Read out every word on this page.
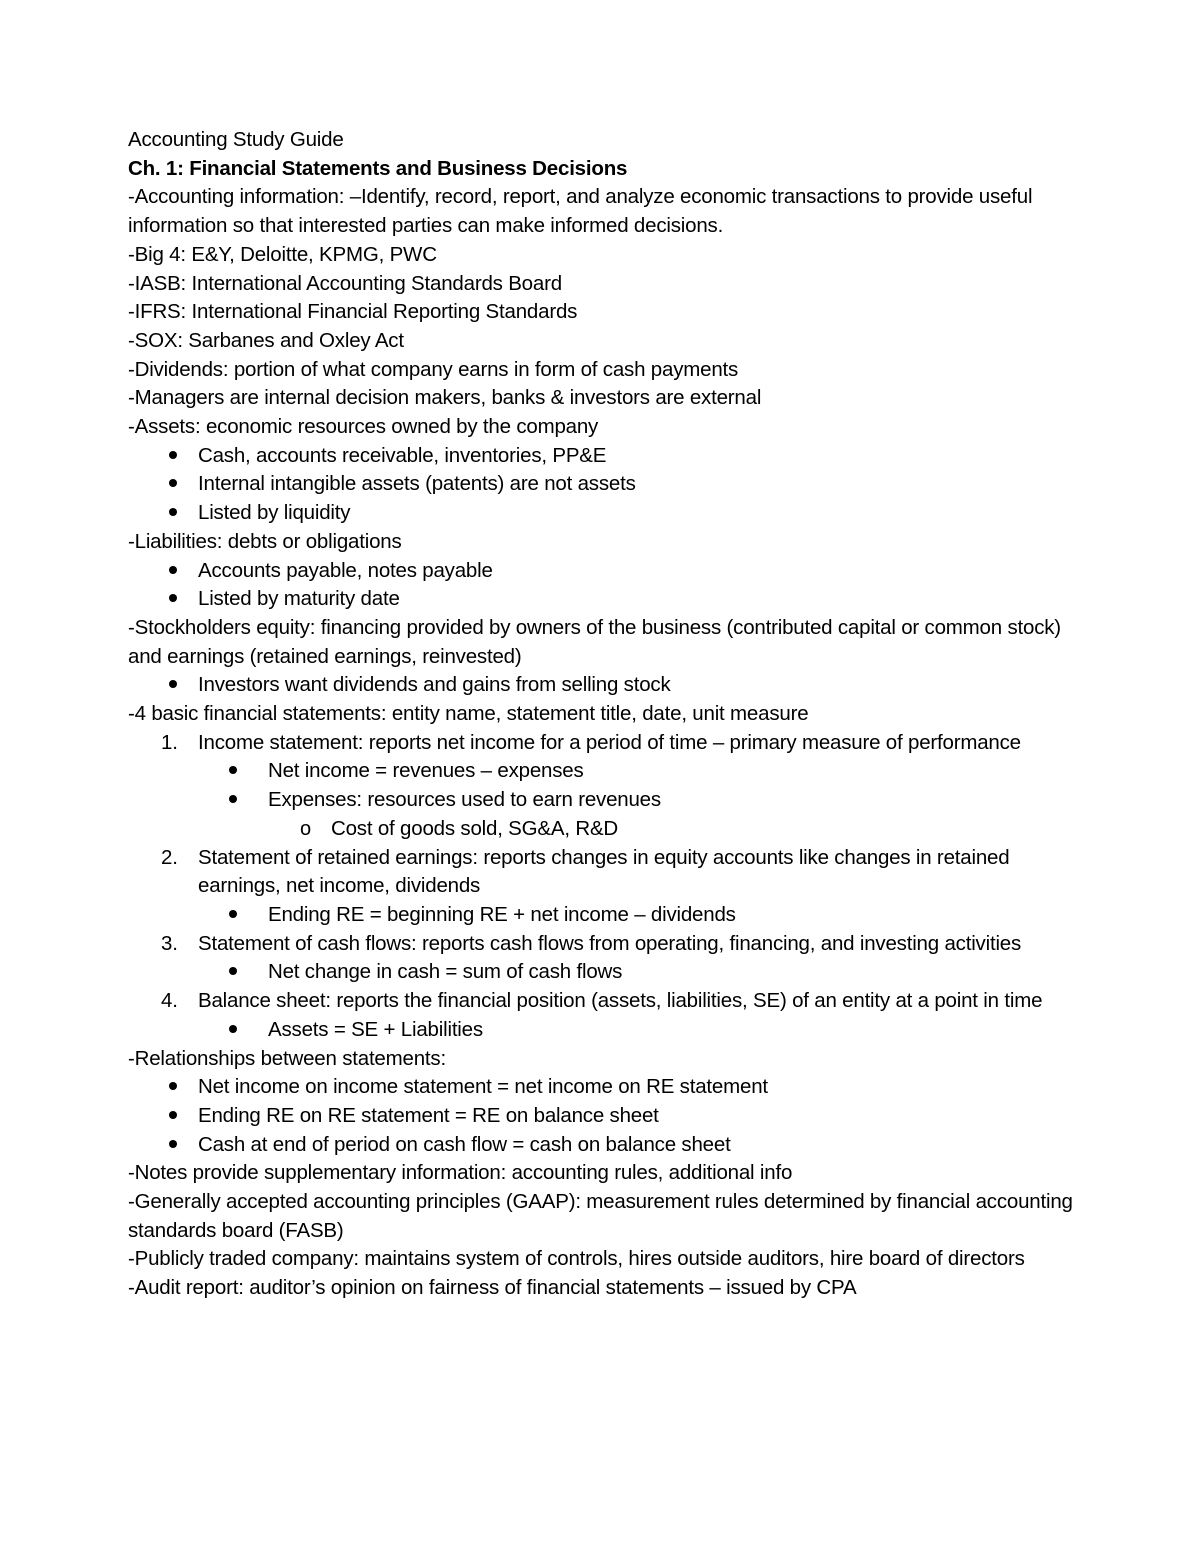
Accounting Study Guide
Ch. 1: Financial Statements and Business Decisions
-Accounting information: –Identify, record, report, and analyze economic transactions to provide useful information so that interested parties can make informed decisions.
-Big 4: E&Y, Deloitte, KPMG, PWC
-IASB: International Accounting Standards Board
-IFRS: International Financial Reporting Standards
-SOX: Sarbanes and Oxley Act
-Dividends: portion of what company earns in form of cash payments
-Managers are internal decision makers, banks & investors are external
-Assets: economic resources owned by the company
Cash, accounts receivable, inventories, PP&E
Internal intangible assets (patents) are not assets
Listed by liquidity
-Liabilities: debts or obligations
Accounts payable, notes payable
Listed by maturity date
-Stockholders equity: financing provided by owners of the business (contributed capital or common stock) and earnings (retained earnings, reinvested)
Investors want dividends and gains from selling stock
-4 basic financial statements: entity name, statement title, date, unit measure
1. Income statement: reports net income for a period of time – primary measure of performance
Net income = revenues – expenses
Expenses: resources used to earn revenues
o
Cost of goods sold, SG&A, R&D
2. Statement of retained earnings: reports changes in equity accounts like changes in retained earnings, net income, dividends
Ending RE = beginning RE + net income – dividends
3. Statement of cash flows: reports cash flows from operating, financing, and investing activities
Net change in cash = sum of cash flows
4. Balance sheet: reports the financial position (assets, liabilities, SE) of an entity at a point in time
Assets = SE + Liabilities
-Relationships between statements:
Net income on income statement = net income on RE statement
Ending RE on RE statement = RE on balance sheet
Cash at end of period on cash flow = cash on balance sheet
-Notes provide supplementary information: accounting rules, additional info
-Generally accepted accounting principles (GAAP): measurement rules determined by financial accounting standards board (FASB)
-Publicly traded company: maintains system of controls, hires outside auditors, hire board of directors
-Audit report: auditor’s opinion on fairness of financial statements – issued by CPA
